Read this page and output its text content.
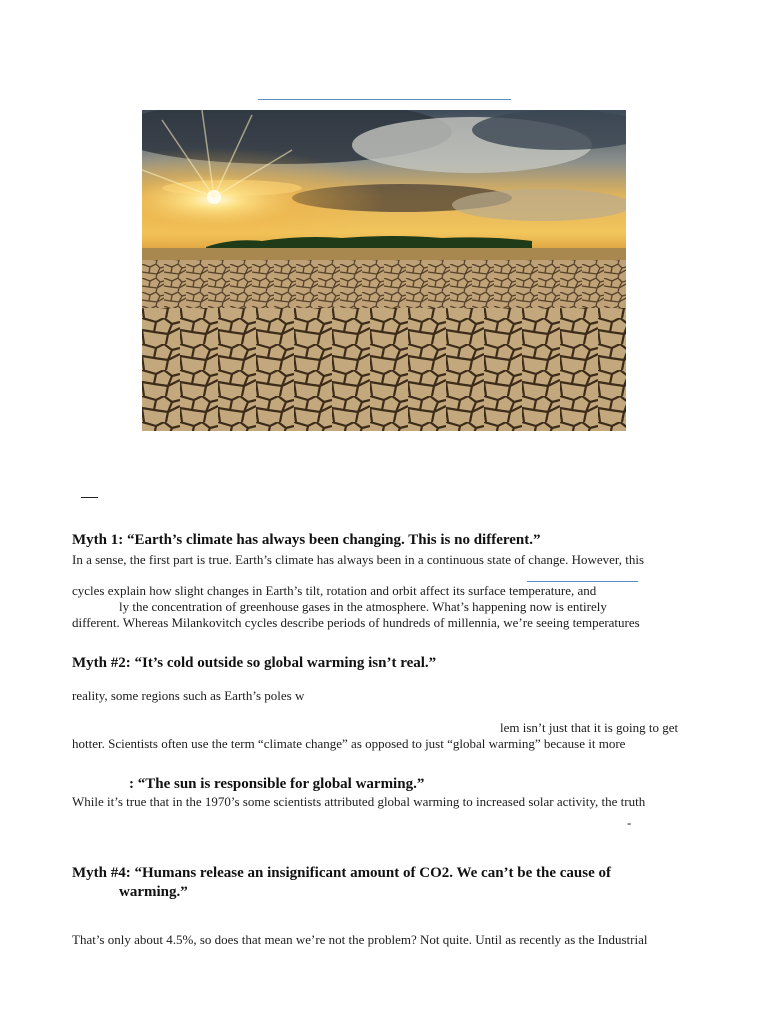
Myth 1: “Earth’s climate has always been changing. This is no different.”
In a sense, the first part is true. Earth’s climate has always been in a continuous state of change. However, this
cycles explain how slight changes in Earth’s tilt, rotation and orbit affect its surface temperature, and
ly the concentration of greenhouse gases in the atmosphere. What’s happening now is entirely
different. Whereas Milankovitch cycles describe periods of hundreds of millennia, we’re seeing temperatures
Myth #2: “It’s cold outside so global warming isn’t real.”
reality, some regions such as Earth’s poles w
lem isn’t just that it is going to get
hotter. Scientists often use the term “climate change” as opposed to just “global warming” because it more
: “The sun is responsible for global warming.”
While it’s true that in the 1970’s some scientists attributed global warming to increased solar activity, the truth
-
Myth #4: “Humans release an insignificant amount of CO2. We can’t be the cause of
warming.”
That’s only about 4.5%, so does that mean we’re not the problem? Not quite. Until as recently as the Industrial
